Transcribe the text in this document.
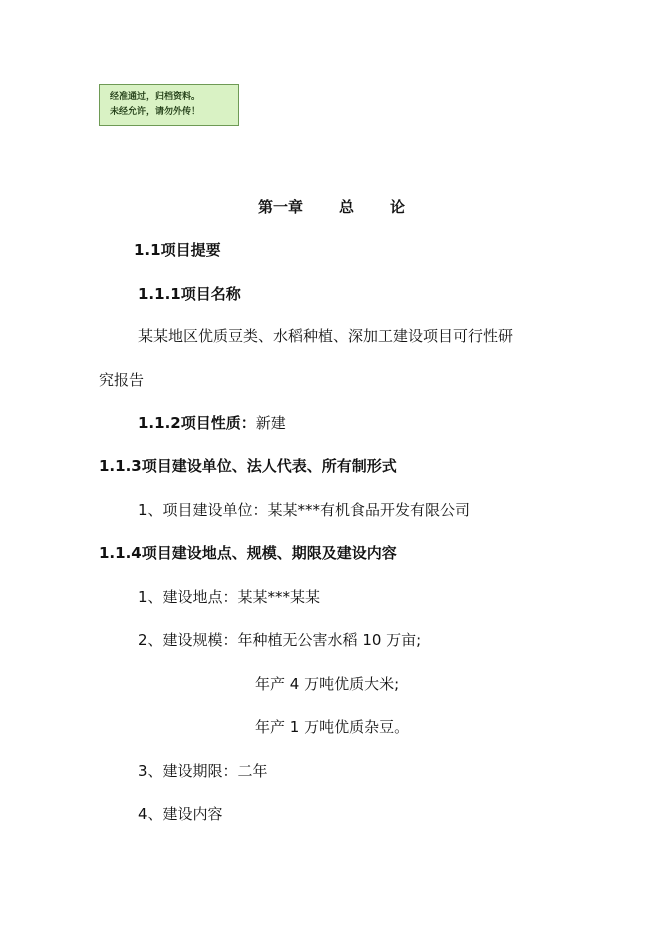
经准通过，归档资料。
未经允许，请勿外传！
第一章 总 论
1.1项目提要
1.1.1项目名称
某某地区优质豆类、水稻种植、深加工建设项目可行性研
究报告
1.1.2项目性质：新建
1.1.3项目建设单位、法人代表、所有制形式
1、项目建设单位：某某***有机食品开发有限公司
1.1.4项目建设地点、规模、期限及建设内容
1、建设地点：某某***某某
2、建设规模：年种植无公害水稻 10 万亩;
年产 4 万吨优质大米;
年产 1 万吨优质杂豆。
3、建设期限：二年
4、建设内容
